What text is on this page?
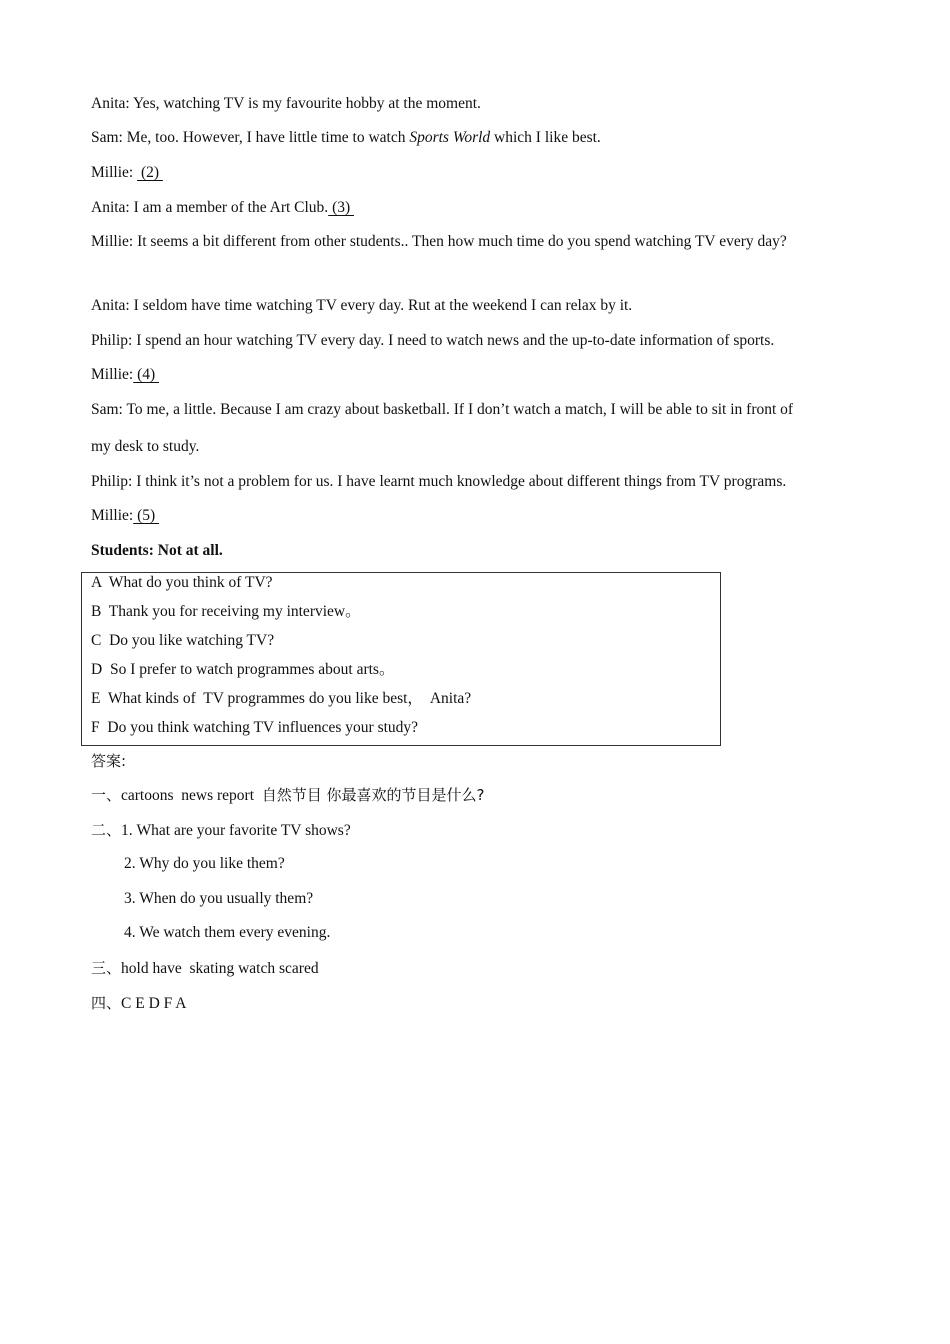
Anita: Yes, watching TV is my favourite hobby at the moment.
Sam: Me, too. However, I have little time to watch Sports World which I like best.
Millie:  (2)
Anita: I am a member of the Art Club. (3)
Millie: It seems a bit different from other students.. Then how much time do you spend watching TV every day?
Anita: I seldom have time watching TV every day. Rut at the weekend I can relax by it.
Philip: I spend an hour watching TV every day. I need to watch news and the up-to-date information of sports.
Millie: (4)
Sam: To me, a little. Because I am crazy about basketball. If I don’t watch a match, I will be able to sit in front of
my desk to study.
Philip: I think it’s not a problem for us. I have learnt much knowledge about different things from TV programs.
Millie: (5)
Students: Not at all.
A  What do you think of TV?
B  Thank you for receiving my interview。
C  Do you like watching TV?
D  So I prefer to watch programmes about arts。
E  What kinds of  TV programmes do you like best，  Anita?
F  Do you think watching TV influences your study?
答案:
一、cartoons  news report  自然节目 你最喜欢的节目是什么?
二、1. What are your favorite TV shows?
2. Why do you like them?
3. When do you usually them?
4. We watch them every evening.
三、hold have  skating watch scared
四、C E D F A
